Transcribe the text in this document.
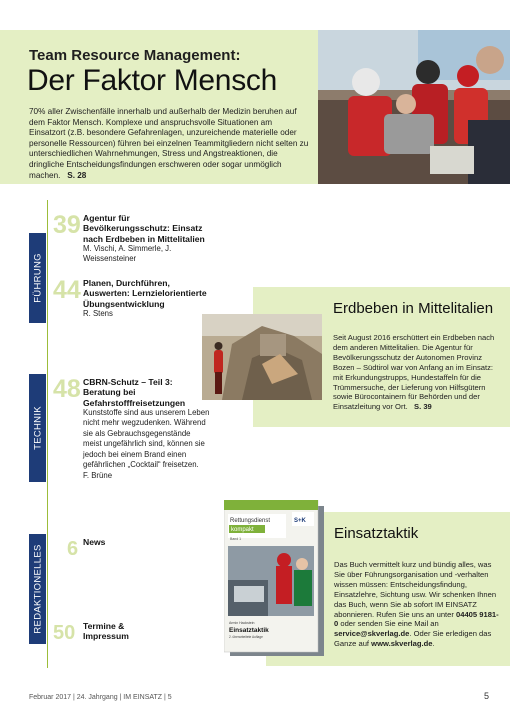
Team Resource Management:
Der Faktor Mensch
70% aller Zwischenfälle innerhalb und außerhalb der Medizin beruhen auf dem Faktor Mensch. Komplexe und anspruchsvolle Situationen am Einsatzort (z.B. besondere Gefahrenlagen, unzureichende materielle oder personelle Ressourcen) führen bei einzelnen Teammitgliedern nicht selten zu unterschiedlichen Wahrnehmungen, Stress und Angstreaktionen, die dringliche Entscheidungsfindungen erschweren oder sogar unmöglich machen. S. 28
FÜHRUNG
TECHNIK
REDAKTIONELLES
39 Agentur für Bevölkerungsschutz: Einsatz nach Erdbeben in Mittelitalien
M. Vischi, A. Simmerle, J. Weissensteiner
44 Planen, Durchführen, Auswerten: Lernzielorientierte Übungsentwicklung
R. Stens
48 CBRN-Schutz – Teil 3: Beratung bei Gefahrstofffreisetzungen
Kunststoffe sind aus unserem Leben nicht mehr wegzudenken. Während sie als Gebrauchsgegenstände meist ungefährlich sind, können sie jedoch bei einem Brand einen gefährlichen „Cocktail“ freisetzen.
F. Brüne
6 News
50 Termine & Impressum
Erdbeben in Mittelitalien
Seit August 2016 erschüttert ein Erdbeben nach dem anderen Mittelitalien. Die Agentur für Bevölkerungsschutz der Autonomen Provinz Bozen – Südtirol war von Anfang an im Einsatz: mit Erkundungstrupps, Hundestaffeln für die Trümmersuche, der Lieferung von Hilfsgütern sowie Bürocontainern für Behörden und der Einsatzleitung vor Ort. S. 39
Rettungsdienst
kompakt
Band 1
S+K
Armin Hackstein
Einsatztaktik
2. überarbeitete Auflage
Einsatztaktik
Das Buch vermittelt kurz und bündig alles, was Sie über Führungsorganisation und -verhalten wissen müssen: Entscheidungsfindung, Einsatzlehre, Sichtung usw. Wir schenken Ihnen das Buch, wenn Sie ab sofort IM EINSATZ abonnieren. Rufen Sie uns an unter 04405 9181-0 oder senden Sie eine Mail an service@skverlag.de. Oder Sie erledigen das Ganze auf www.skverlag.de.
Februar 2017 | 24. Jahrgang | IM EINSATZ | 5	5
